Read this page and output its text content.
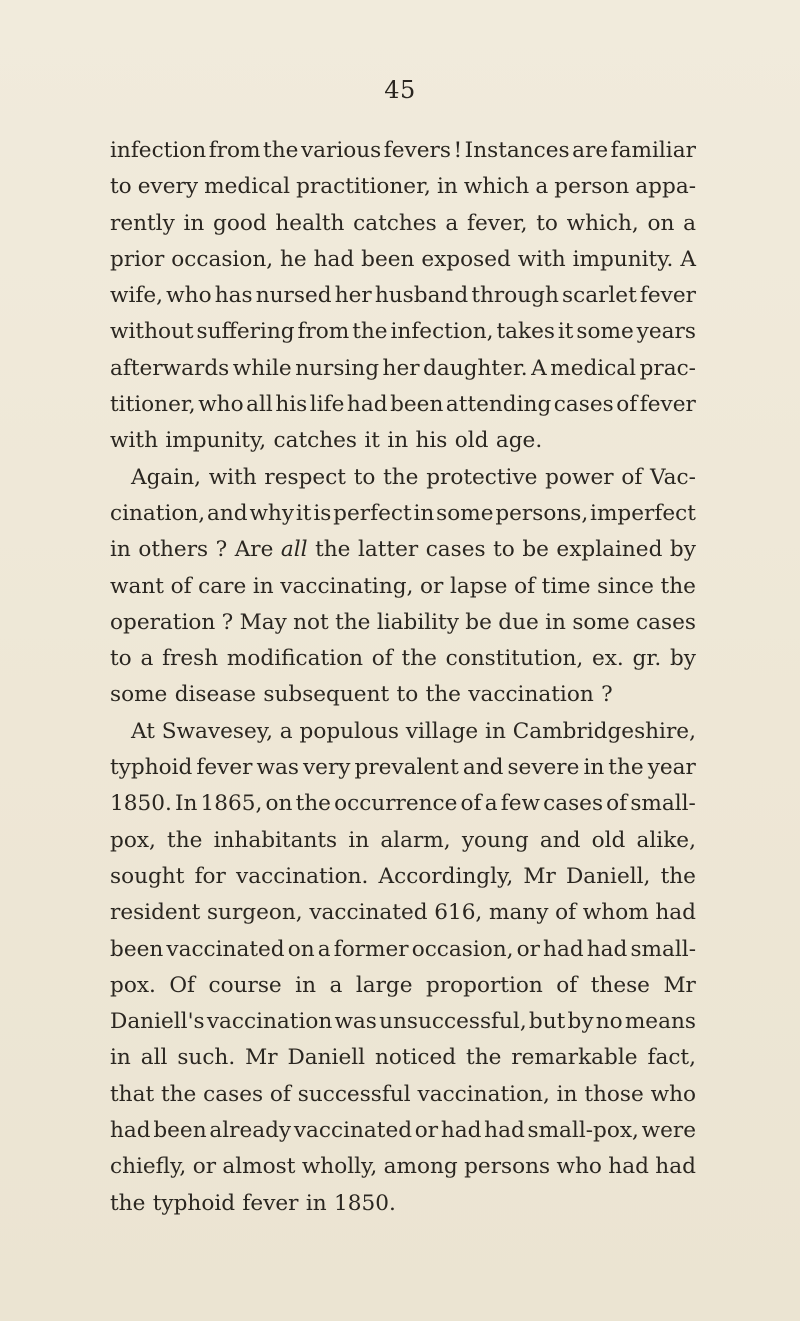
45

infection from the various fevers ! Instances are familiar
to every medical practitioner, in which a person appa-
rently in good health catches a fever, to which, on a
prior occasion, he had been exposed with impunity. A
wife, who has nursed her husband through scarlet fever
without suffering from the infection, takes it some years
afterwards while nursing her daughter. A medical prac-
titioner, who all his life had been attending cases of fever
with impunity, catches it in his old age.

Again, with respect to the protective power of Vac-
cination, and why it is perfect in some persons, imperfect
in others ? Are all the latter cases to be explained by
want of care in vaccinating, or lapse of time since the
operation ? May not the liability be due in some cases
to a fresh modification of the constitution, ex. gr. by
some disease subsequent to the vaccination ?

At Swavesey, a populous village in Cambridgeshire,
typhoid fever was very prevalent and severe in the year
1850. In 1865, on the occurrence of a few cases of small-
pox, the inhabitants in alarm, young and old alike,
sought for vaccination. Accordingly, Mr Daniell, the
resident surgeon, vaccinated 616, many of whom had
been vaccinated on a former occasion, or had had small-
pox. Of course in a large proportion of these Mr
Daniell's vaccination was unsuccessful, but by no means
in all such. Mr Daniell noticed the remarkable fact,
that the cases of successful vaccination, in those who
had been already vaccinated or had had small-pox, were
chiefly, or almost wholly, among persons who had had
the typhoid fever in 1850.
